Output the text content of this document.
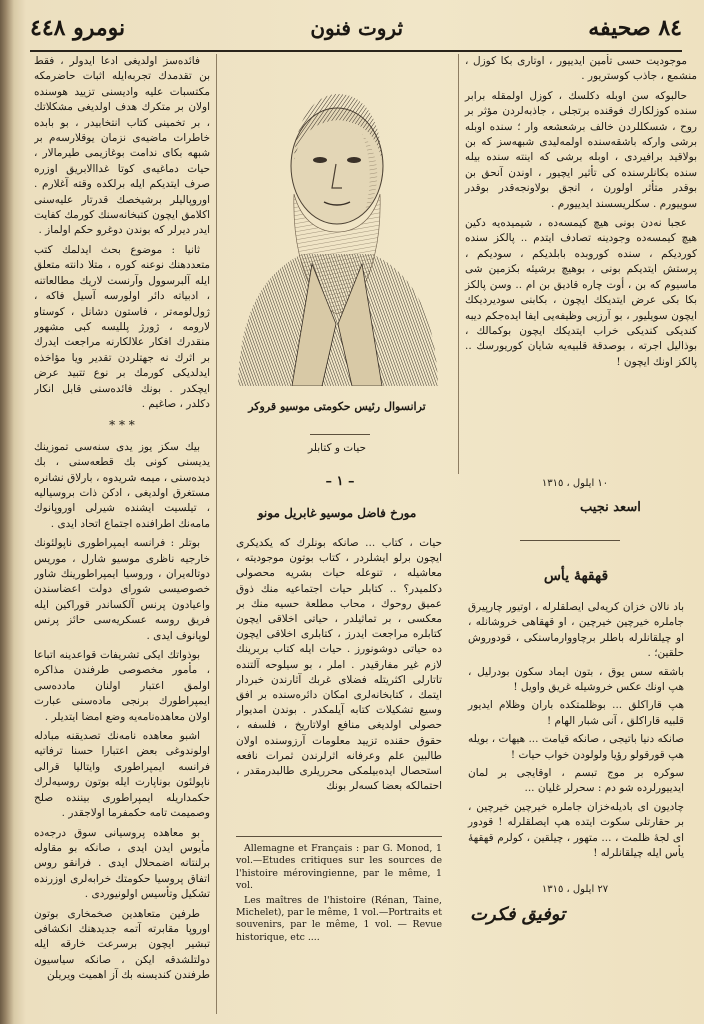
نومرو ٤٤٨	ثروت فنون	٨٤ صحيفه

فائده‌سز اولديغى ادعا ايدولر ، فقط بن تقدمدك تجربه‌ايله اثبات حاضرمكه مكتسبات عليه واديسنى تزييد هوسنده اولان بر متكرك هدف اولديغى مشكلاتك ، بر تخمينى كتاب انتخابيدر ، بو بابده خاطرات ماضيه‌ى نزمان يوقلارسه‌م بر شبهه بكاى ندامت بوغازيمى طيرمالار ، حيات دماغيه‌ى كوتا غداالابريق اوزره صرف ايتديكم ايله برلكده وقته آغلارم . اوروپاليلر برشيخصك قدرتار عليه‌سنى اكلامق ايچون كتبخانه‌سنك كورمك كفايت ايدر ديرلر كه بوندن دوغرو حكم اولماز .

ثانيا : موضوع بحث ايدلمك كتب متعددهنك نوعنه كوره ، متلا دانته متعلق ايله آلبرسوول وآرنست لاريك مطالعاتنه ، ادبياته دائر اولورسه آسيل فاكه ، ژول‌لومه‌تر ، فاستون دشانل ، كوستاو لارومه ، ژورژ پلليسه كبى مشهور منقدرك افكار علالكارنه مراجعت ايدرك بر اثرك نه جهتلردن تقدير ويا مؤاخذه ايدلديكى كورمك بر نوع تتبيد عرض ايچكدر . بونك فائده‌سنى قابل انكار دكلدر ، صاغيم .

* * *

بيك سكز يوز يدى سنه‌سى تموزينك يديسنى كونى بك قطعه‌سنى ، بك ديده‌سنى ، ميمه شريدوه ، بارلاق نشانره مستغرق اولديغى ، ادكن ذات بروسياليه ، تيلسيت ايشنده شيرلى اوروپانوك مامه‌نك اطرافنده اجتماع اتحاد ايدى .

بوتلر : فرانسه ايمپراطورى ناپولئونك خارجيه ناظرى موسيو شارل ، موريس دوتاله‌يران ، وروسيا ايمپراطورينك شاور خصوصيسى شوراى دولت اعضاسندن واعيادون پرنس آلكساندر قوراكين ايله فريق روسه عسكريه‌سى حائز پرنس لوپانوف ايدى .

بوذواتك ايكى تشريفات قواعدينه اتباعا ، مأمور مخصوصى طرفندن مذاكره اولمق اعتبار اولنان مادده‌سى ايمپراطورك برنجى ماده‌سنى عبارت اولان معاهده‌نامه‌يه وضع امضا ايتديلر .

اشبو معاهده نامه‌نك تصديقنه مبادله اولوندوغى بعض اعتبارا حسنا ترفاتيه فرانسه ايمپراطورى وايتاليا قرالى ناپولئون بوناپارت ايله بوتون روسيه‌لرك حكمداريله ايمپراطورى بيننده صلح وصميمت تامه حكمفرما اولاجقدر .

بو معاهده پروسيانى سوق درجه‌ده مأيوس ايدن ايدى ، صانكه بو مقاوله برلنتانه اضمحلال ايدى . فرانقو روس اتفاق پروسيا حكومتك خرابه‌لرى اوزرنده تشكيل وتأسيس اولونيوردى .

طرفين متعاهدين صخمخارى بوتون اوروپا مقابرته آتمه جديدهنك انكشافى تبشير ايچون برسرعت خارقه ايله دولتلشدقه ايكن ، صانكه سياسيون طرفندن كنديسنه بك آز اهميت ويريلن

ترانسوال رئيس حكومتى موسيو قروكر
حيات و كتابلر
– ١ –
مورخ فاضل موسيو غابريل مونو
حيات ، كتاب ... صانكه بونلرك كه يكديكرى ايچون برلو ايشلردر ، كتاب بوتون موجوديته ، معاشيله ، تنوعله حيات بشريه محصولى دكلميدر؟ .. كتابلر حيات اجتماعيه منك ذوق عميق روحوك ، محاب مطلعة حسيه منك بر معكسى ، بر تماثيلدر ، حياتى اخلاقى ايچون كتابلره مراجعت ايدرز ، كتابلرى اخلاقى ايچون ده حياتى دوشونورز . حيات ايله كتاب بربرينك لازم غير مفارقيدر . املر ، بو سيلوحه آلتنده تاتارلى اكثريتله فضلاى غربك آثارندن خبردار ايتمك ، كتابخانه‌لرى امكان دائره‌سنده بر افق وسيع تشكيلات كتابه آيلمكدر . بوندن امديوار حصولى اولديغى منافع اولاتاريخ ، فلسفه ، حقوق حقنده تزييد معلومات آرزوسنده اولان طالبين علم وعرفانه اثرلرندن ثمرات نافعه استحصال ايده‌بيلمكى محرريلرى طالبدرمقدر ، احتمالكه بعضا كسه‌لر بونك

Allemagne et Français : par G. Monod, 1 vol.—Etudes critiques sur les sources de l'histoire mérovingienne, par le même, 1 vol.

Les maîtres de l'histoire (Rénan, Taine, Michelet), par le même, 1 vol.—Portraits et souvenirs, par le même, 1 vol. — Revue historique, etc ....

موجوديت حسى تأمين ايدييور ، اوتارى بكا كوزل ، منشمع ، جاذب كوستريور .

حالبوكه سن اوبله دكلسك ، كوزل اولمقله برابر سنده كوزلكارك فوقنده برتجلى ، جاذبه‌لردن مؤثر بر روح ، شسكللردن خالف برشعشعه وار ؛ سنده اوبله برشى واركه باشقه‌سنده اولمه‌ليدى شبهه‌سز كه بن بولاقيد برافيردى ، اوبله برشى كه اينته سنده بيله سنده بكانلرسنده كى تأثير ايچيور ، اوندن آنحق بن بوقدر متأثر اولورن ، انجق بولاونجه‌قدر بوقدر سوييورم . سكلريسسند ايدييورم .

عجبا نه‌دن بونى هيچ كيمسه‌ده ، شيميده‌يه دكين هيچ كيمسه‌ده وجودينه تصادف ايتدم .. پالكز سنده كورديكم ، سنده كوروبده بابلديكم ، سوديكم ، پرستش ايتديكم بونى ، بوهيچ برشيئه بكزمين شى ماسيوم كه بن ، أوت چاره قاديق بن ام .. وسن پالكز بكا بكى عرض ايتديكك ايچون ، بكابنى سوديرديكك ايچون سويليور ، بو آرزيى وظيفه‌يى ايفا ايده‌جكم ديبه كنديكى كنديكى خراب ايتديكك ايچون بوكمالك ، بوذاليل اجرته ، بوصدقة قلبيه‌يه شايان كوريورسك .. پالكز اونك ايچون !

١٠ ايلول ، ١٣١٥
اسعد نجيب
قهقهۀ يأس

باد نالان خزان كريه‌لى ايصلقلرله ، اوتيور چارپيرق جاملره خيرچين خيرچين ، او قهقاهى خروشانله ، او چيلقانلرله باطلر برچاووارماسنكى ، قودوروش حلقين؛ .

باشقه سس يوق ، بتون ايماد سكون بودرليل ، هپ اونك عكس خروشيله غريق واويل !

هپ قاراكلق ... بوظلمتكده باران وظلام ايديور قلبيه قاراكلق ، آنى شبار الهام !

صانكه دنيا باتيجى ، صانكه قيامت ... هيهات ، بويله هپ قورقولو رؤيا ولولودن خواب حيات !

سوكره بر موج تبسم ، اوقايجى بر لمان ايدييورلرده شو دم : سحرلر غليان ...

چاديون اى باديله‌خزان جاملره خيرچين خيرچين ، بر حقارتلى سكوت ايتده هپ ايصلقلرله ! قودور اى لجۀ ظلمت ، ... متهور ، چيلقين ، كولرم قهقهۀ يأس ايله چيلقانلرله !

٢٧ ايلول ، ١٣١٥
توفيق فكرت
